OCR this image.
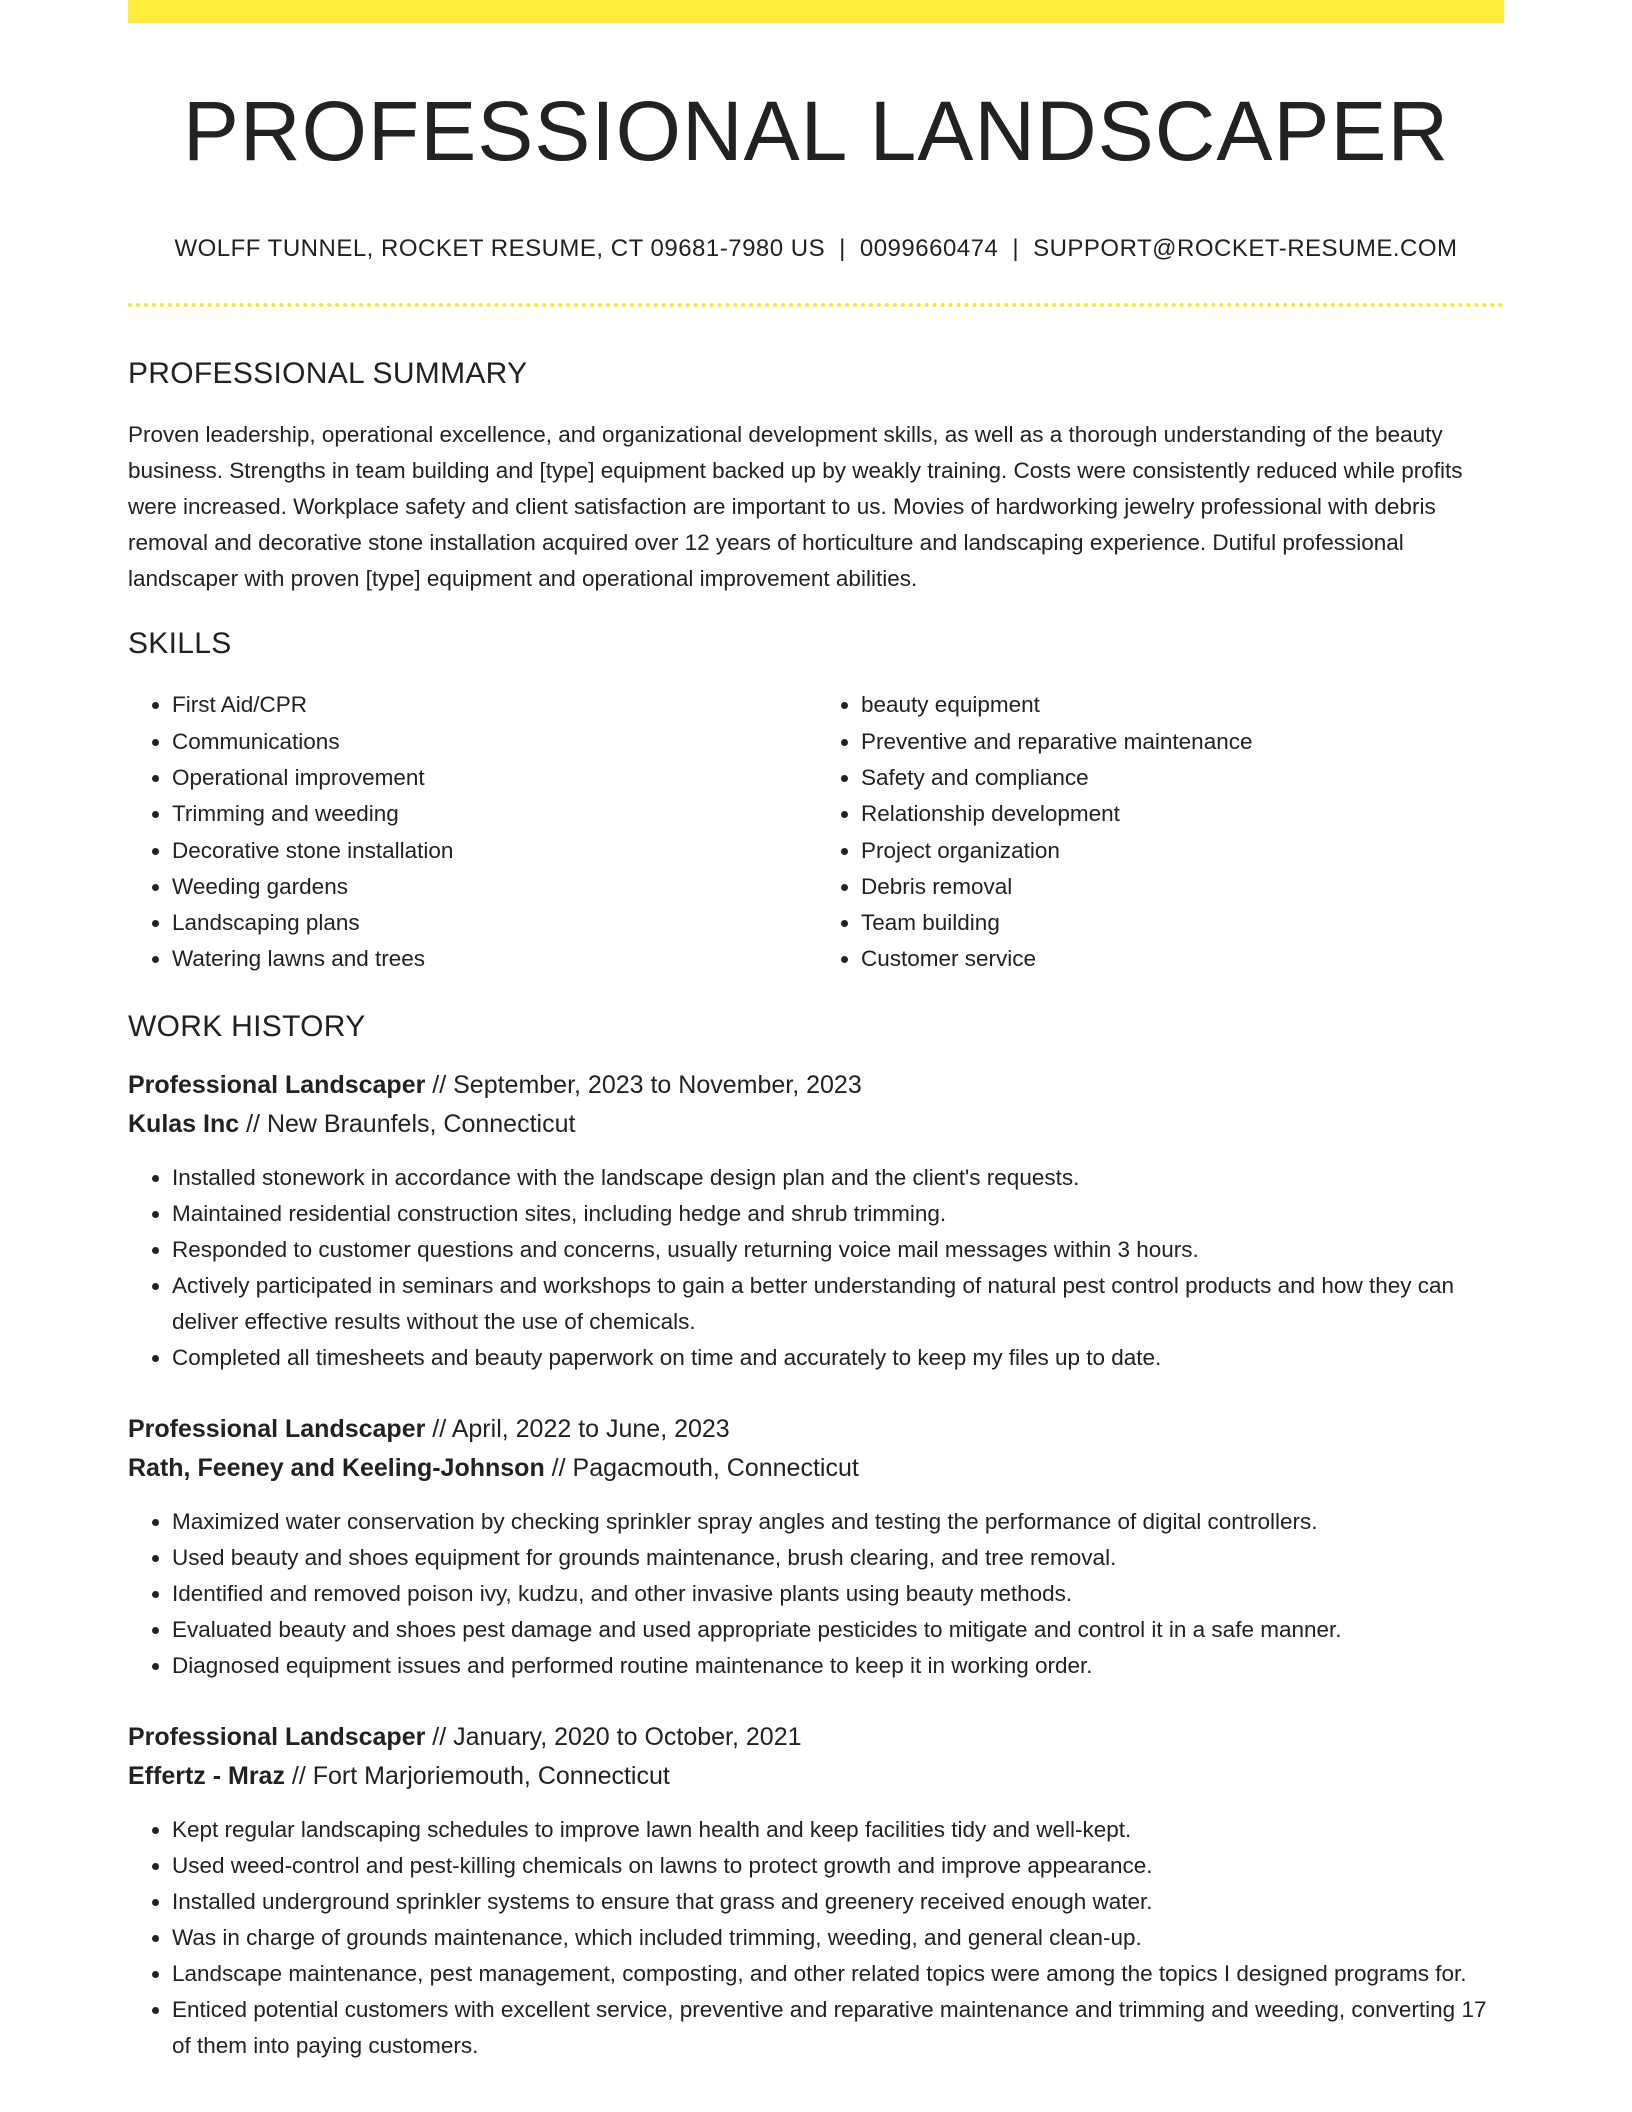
PROFESSIONAL LANDSCAPER
WOLFF TUNNEL, ROCKET RESUME, CT 09681-7980 US | 0099660474 | SUPPORT@ROCKET-RESUME.COM
PROFESSIONAL SUMMARY

Proven leadership, operational excellence, and organizational development skills, as well as a thorough understanding of the beauty business. Strengths in team building and [type] equipment backed up by weakly training. Costs were consistently reduced while profits were increased. Workplace safety and client satisfaction are important to us. Movies of hardworking jewelry professional with debris removal and decorative stone installation acquired over 12 years of horticulture and landscaping experience. Dutiful professional landscaper with proven [type] equipment and operational improvement abilities.

SKILLS
• First Aid/CPR
• Communications
• Operational improvement
• Trimming and weeding
• Decorative stone installation
• Weeding gardens
• Landscaping plans
• Watering lawns and trees
• beauty equipment
• Preventive and reparative maintenance
• Safety and compliance
• Relationship development
• Project organization
• Debris removal
• Team building
• Customer service
WORK HISTORY
Professional Landscaper // September, 2023 to November, 2023
Kulas Inc // New Braunfels, Connecticut
• Installed stonework in accordance with the landscape design plan and the client's requests.
• Maintained residential construction sites, including hedge and shrub trimming.
• Responded to customer questions and concerns, usually returning voice mail messages within 3 hours.
• Actively participated in seminars and workshops to gain a better understanding of natural pest control products and how they can deliver effective results without the use of chemicals.
• Completed all timesheets and beauty paperwork on time and accurately to keep my files up to date.
Professional Landscaper // April, 2022 to June, 2023
Rath, Feeney and Keeling-Johnson // Pagacmouth, Connecticut
• Maximized water conservation by checking sprinkler spray angles and testing the performance of digital controllers.
• Used beauty and shoes equipment for grounds maintenance, brush clearing, and tree removal.
• Identified and removed poison ivy, kudzu, and other invasive plants using beauty methods.
• Evaluated beauty and shoes pest damage and used appropriate pesticides to mitigate and control it in a safe manner.
• Diagnosed equipment issues and performed routine maintenance to keep it in working order.
Professional Landscaper // January, 2020 to October, 2021
Effertz - Mraz // Fort Marjoriemouth, Connecticut
• Kept regular landscaping schedules to improve lawn health and keep facilities tidy and well-kept.
• Used weed-control and pest-killing chemicals on lawns to protect growth and improve appearance.
• Installed underground sprinkler systems to ensure that grass and greenery received enough water.
• Was in charge of grounds maintenance, which included trimming, weeding, and general clean-up.
• Landscape maintenance, pest management, composting, and other related topics were among the topics I designed programs for.
• Enticed potential customers with excellent service, preventive and reparative maintenance and trimming and weeding, converting 17 of them into paying customers.
